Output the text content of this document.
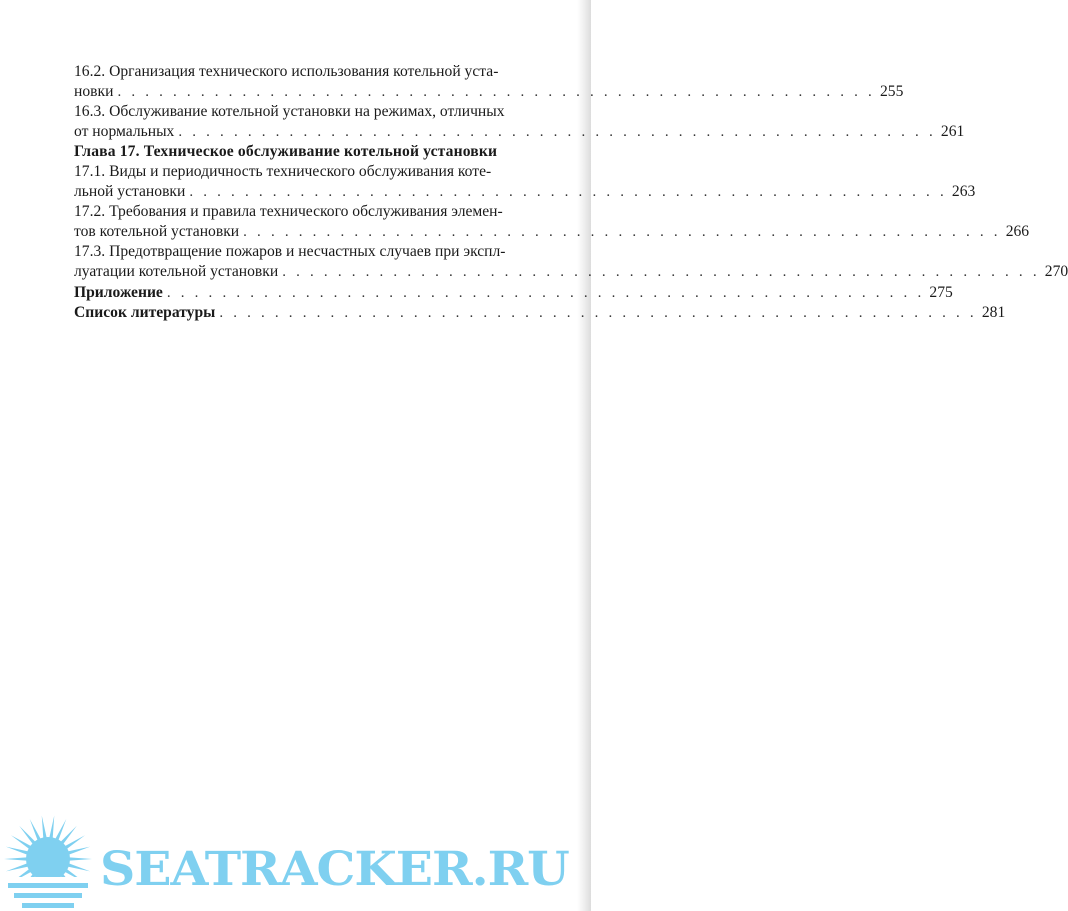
16.2. Организация технического использования котельной уста-
новки . . . . . . . . . . . . . . . . . . . . . . . . . . . . . . . . . . . . . . . . . . . . . . . . . . . . . . . 255
16.3. Обслуживание котельной установки на режимах, отличных
от нормальных . . . . . . . . . . . . . . . . . . . . . . . . . . . . . . . . . . . . . . . . . . . . . . . . . . . . . . . 261
Глава 17. Техническое обслуживание котельной установки
17.1. Виды и периодичность технического обслуживания коте-
льной установки . . . . . . . . . . . . . . . . . . . . . . . . . . . . . . . . . . . . . . . . . . . . . . . . . . . . . . . 263
17.2. Требования и правила технического обслуживания элемен-
тов котельной установки . . . . . . . . . . . . . . . . . . . . . . . . . . . . . . . . . . . . . . . . . . . . . . . . . . . . . . . 266
17.3. Предотвращение пожаров и несчастных случаев при экспл-
луатации котельной установки . . . . . . . . . . . . . . . . . . . . . . . . . . . . . . . . . . . . . . . . . . . . . . . . . . . . . . . 270
Приложение . . . . . . . . . . . . . . . . . . . . . . . . . . . . . . . . . . . . . . . . . . . . . . . . . . . . . . . 275
Список литературы . . . . . . . . . . . . . . . . . . . . . . . . . . . . . . . . . . . . . . . . . . . . . . . . . . . . . . . 281
SEATRACKER.RU
